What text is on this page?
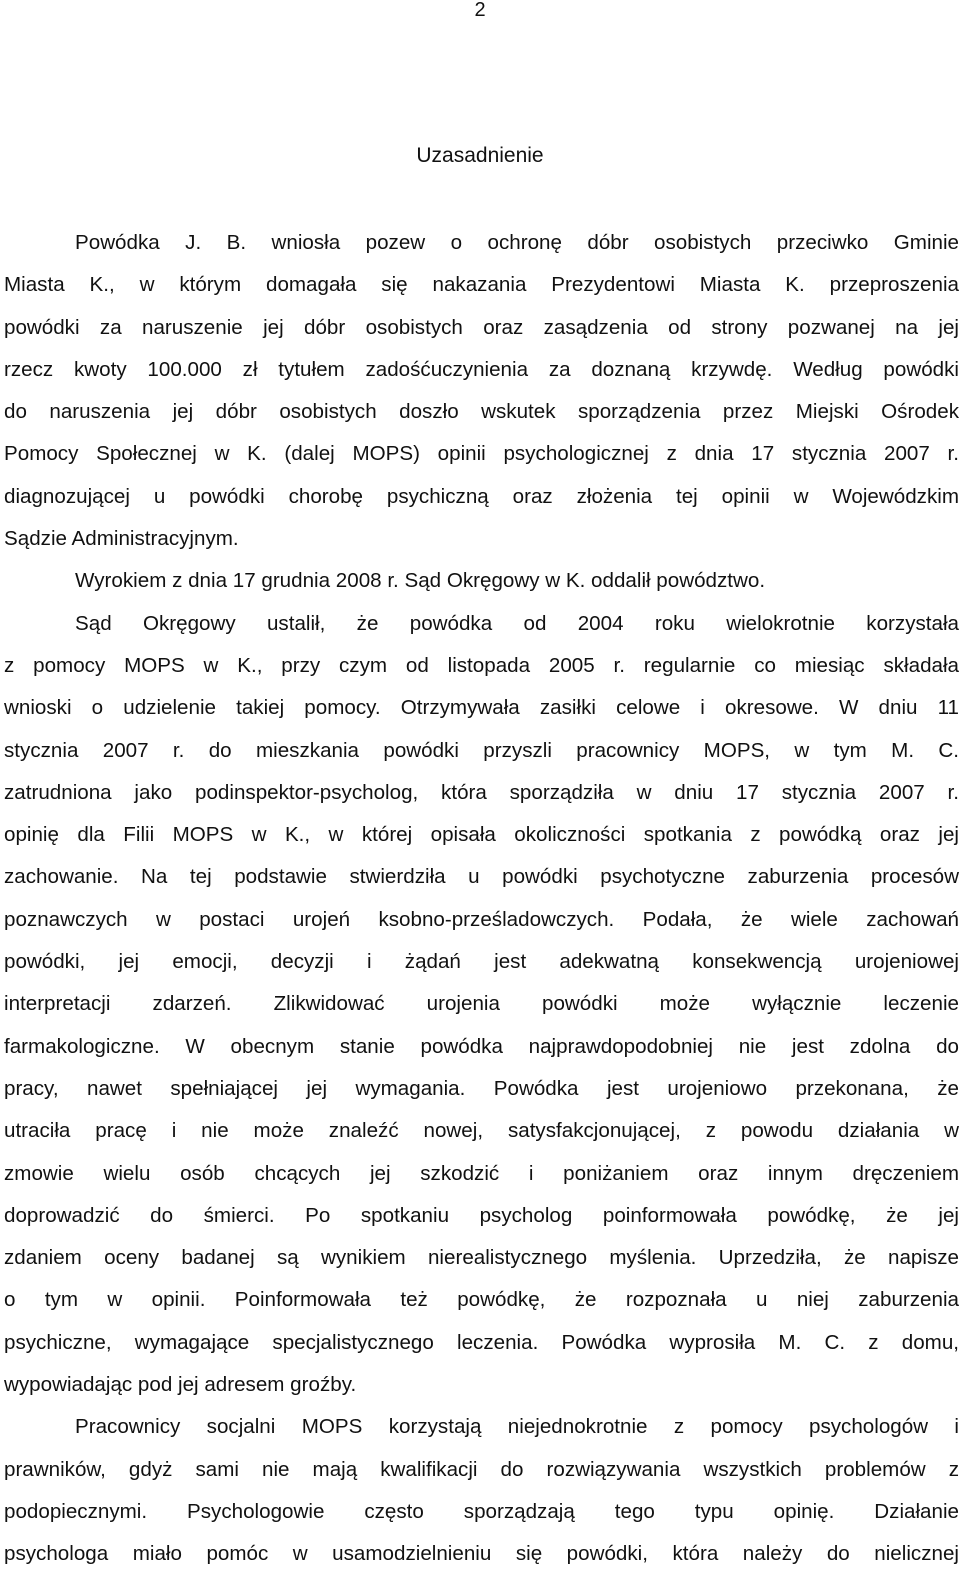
2
Uzasadnienie
Powódka J. B. wniosła pozew o ochronę dóbr osobistych przeciwko Gminie
Miasta K., w którym domagała się nakazania Prezydentowi Miasta K. przeproszenia
powódki za naruszenie jej dóbr osobistych oraz zasądzenia od strony pozwanej na jej
rzecz kwoty 100.000 zł tytułem zadośćuczynienia za doznaną krzywdę. Według powódki
do naruszenia jej dóbr osobistych doszło wskutek sporządzenia przez Miejski Ośrodek
Pomocy Społecznej w K. (dalej MOPS) opinii psychologicznej z dnia 17 stycznia 2007 r.
diagnozującej u powódki chorobę psychiczną oraz złożenia tej opinii w Wojewódzkim
Sądzie Administracyjnym.
Wyrokiem z dnia 17 grudnia 2008 r. Sąd Okręgowy w K. oddalił powództwo.
Sąd Okręgowy ustalił, że powódka od 2004 roku wielokrotnie korzystała
z pomocy MOPS w K., przy czym od listopada 2005 r. regularnie co miesiąc składała
wnioski o udzielenie takiej pomocy. Otrzymywała zasiłki celowe i okresowe. W dniu 11
stycznia 2007 r. do mieszkania powódki przyszli pracownicy MOPS, w tym M. C.
zatrudniona jako podinspektor-psycholog, która sporządziła w dniu 17 stycznia 2007 r.
opinię dla Filii MOPS w K., w której opisała okoliczności spotkania z powódką oraz jej
zachowanie. Na tej podstawie stwierdziła u powódki psychotyczne zaburzenia procesów
poznawczych w postaci urojeń ksobno-prześladowczych. Podała, że wiele zachowań
powódki, jej emocji, decyzji i żądań jest adekwatną konsekwencją urojeniowej
interpretacji zdarzeń. Zlikwidować urojenia powódki może wyłącznie leczenie
farmakologiczne. W obecnym stanie powódka najprawdopodobniej nie jest zdolna do
pracy, nawet spełniającej jej wymagania. Powódka jest urojeniowo przekonana, że
utraciła pracę i nie może znaleźć nowej, satysfakcjonującej, z powodu działania w
zmowie wielu osób chcących jej szkodzić i poniżaniem oraz innym dręczeniem
doprowadzić do śmierci. Po spotkaniu psycholog poinformowała powódkę, że jej
zdaniem oceny badanej są wynikiem nierealistycznego myślenia. Uprzedziła, że napisze
o tym w opinii. Poinformowała też powódkę, że rozpoznała u niej zaburzenia
psychiczne, wymagające specjalistycznego leczenia. Powódka wyprosiła M. C. z domu,
wypowiadając pod jej adresem groźby.
Pracownicy socjalni MOPS korzystają niejednokrotnie z pomocy psychologów i
prawników, gdyż sami nie mają kwalifikacji do rozwiązywania wszystkich problemów z
podopiecznymi. Psychologowie często sporządzają tego typu opinię. Działanie
psychologa miało pomóc w usamodzielnieniu się powódki, która należy do nielicznej
